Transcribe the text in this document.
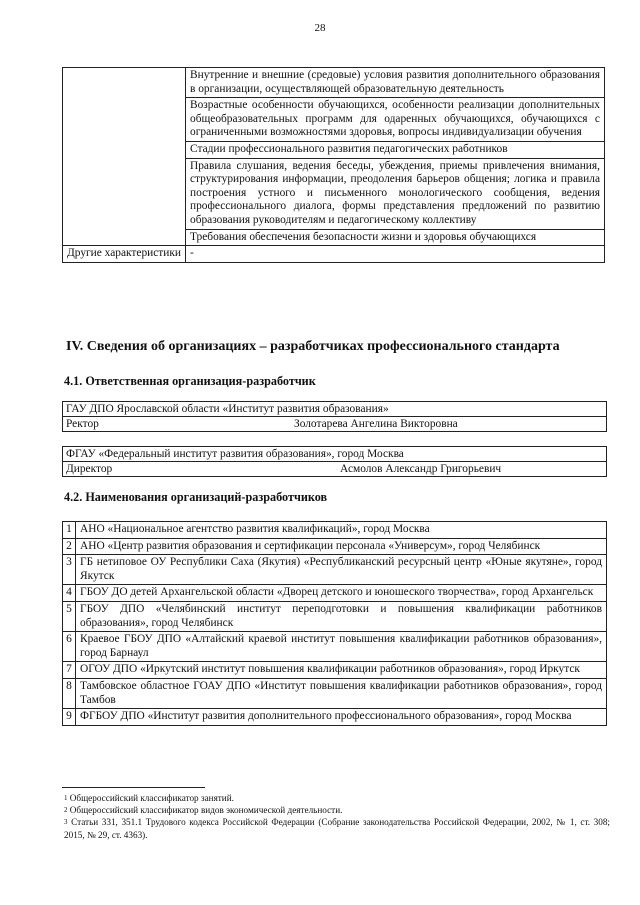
28
	Внутренние и внешние (средовые) условия развития дополнительного образования в организации, осуществляющей образовательную деятельность
	Возрастные особенности обучающихся, особенности реализации дополнительных общеобразовательных программ для одаренных обучающихся, обучающихся с ограниченными возможностями здоровья, вопросы индивидуализации обучения
	Стадии профессионального развития педагогических работников
	Правила слушания, ведения беседы, убеждения, приемы привлечения внимания, структурирования информации, преодоления барьеров общения; логика и правила построения устного и письменного монологического сообщения, ведения профессионального диалога, формы представления предложений по развитию образования руководителям и педагогическому коллективу
	Требования обеспечения безопасности жизни и здоровья обучающихся
Другие характеристики	-
IV. Сведения об организациях – разработчиках профессионального стандарта
4.1. Ответственная организация-разработчик
ГАУ ДПО Ярославской области «Институт развития образования»
Ректор	Золотарева Ангелина Викторовна
ФГАУ «Федеральный институт развития образования», город Москва
Директор	Асмолов Александр Григорьевич
4.2. Наименования организаций-разработчиков
1	АНО «Национальное агентство развития квалификаций», город Москва
2	АНО «Центр развития образования и сертификации персонала «Универсум», город Челябинск
3	ГБ нетиповое ОУ Республики Саха (Якутия) «Республиканский ресурсный центр «Юные якутяне», город Якутск
4	ГБОУ ДО детей Архангельской области «Дворец детского и юношеского творчества», город Архангельск
5	ГБОУ ДПО «Челябинский институт переподготовки и повышения квалификации работников образования», город Челябинск
6	Краевое ГБОУ ДПО «Алтайский краевой институт повышения квалификации работников образования», город Барнаул
7	ОГОУ ДПО «Иркутский институт повышения квалификации работников образования», город Иркутск
8	Тамбовское областное ГОАУ ДПО «Институт повышения квалификации работников образования», город Тамбов
9	ФГБОУ ДПО «Институт развития дополнительного профессионального образования», город Москва
$^1$ Общероссийский классификатор занятий.
$^2$ Общероссийский классификатор видов экономической деятельности.
$^3$ Статьи 331, 351.1 Трудового кодекса Российской Федерации (Собрание законодательства Российской Федерации, 2002, № 1, ст. 308; 2015, № 29, ст. 4363).
